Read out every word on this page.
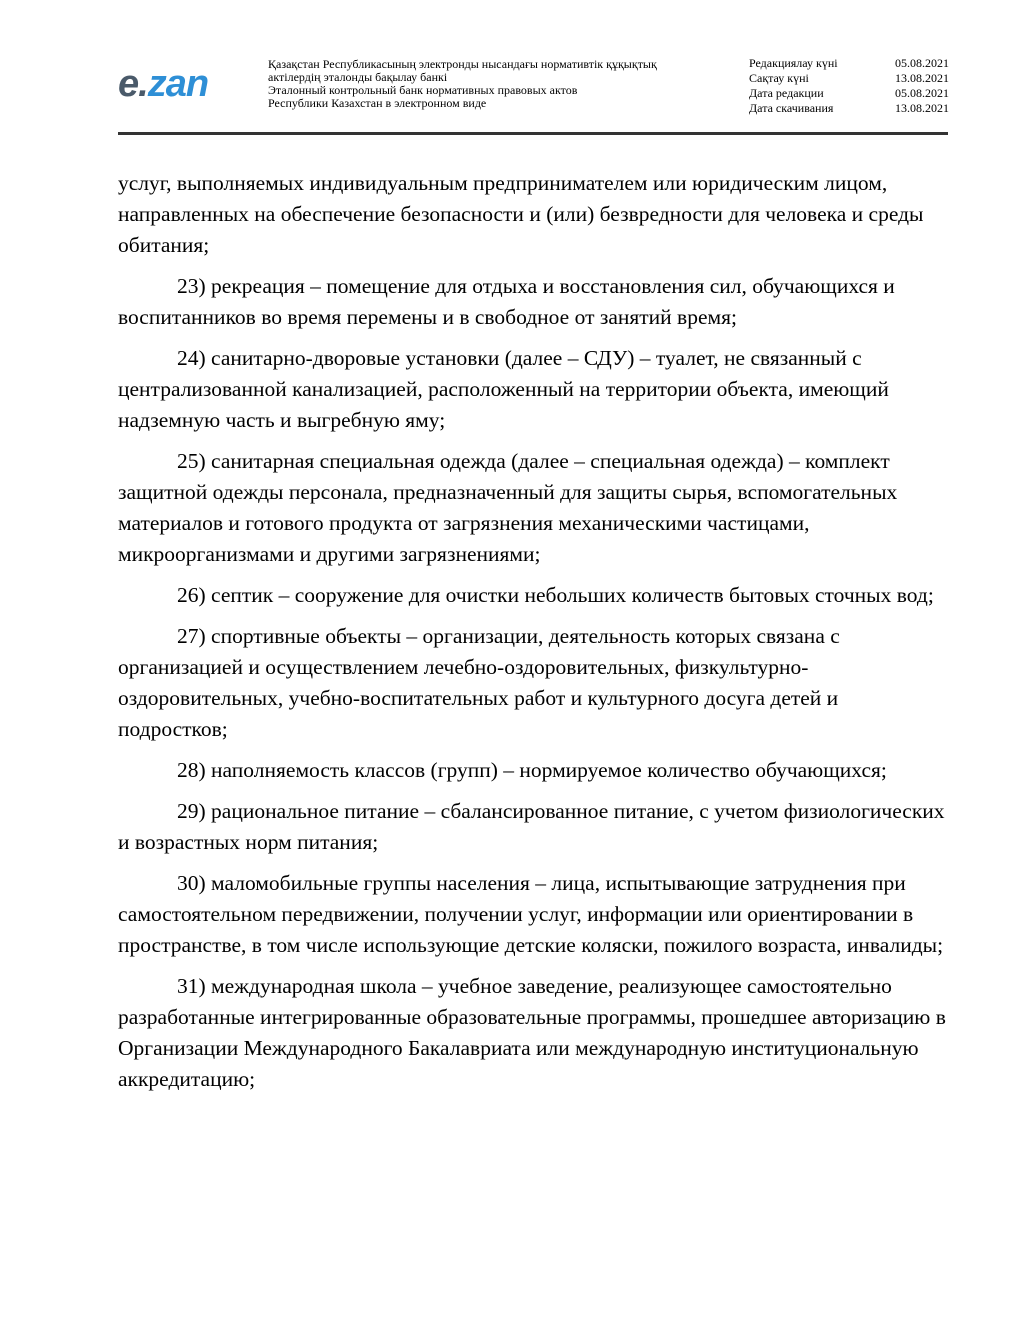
e.zan	Қазақстан Республикасының электронды нысандағы нормативтік құқықтық
актілердің эталонды бақылау банкі
Эталонный контрольный банк нормативных правовых актов
Республики Казахстан в электронном виде
Редакциялау күні	05.08.2021
Сақтау күні	13.08.2021
Дата редакции	05.08.2021
Дата скачивания	13.08.2021

услуг, выполняемых индивидуальным предпринимателем или юридическим лицом, направленных на обеспечение безопасности и (или) безвредности для человека и среды обитания;

23) рекреация – помещение для отдыха и восстановления сил, обучающихся и воспитанников во время перемены и в свободное от занятий время;

24) санитарно-дворовые установки (далее – СДУ) – туалет, не связанный с централизованной канализацией, расположенный на территории объекта, имеющий надземную часть и выгребную яму;

25) санитарная специальная одежда (далее – специальная одежда) – комплект защитной одежды персонала, предназначенный для защиты сырья, вспомогательных материалов и готового продукта от загрязнения механическими частицами, микроорганизмами и другими загрязнениями;

26) септик – сооружение для очистки небольших количеств бытовых сточных вод;

27) спортивные объекты – организации, деятельность которых связана с организацией и осуществлением лечебно-оздоровительных, физкультурно-оздоровительных, учебно-воспитательных работ и культурного досуга детей и подростков;

28) наполняемость классов (групп) – нормируемое количество обучающихся;

29) рациональное питание – сбалансированное питание, с учетом физиологических и возрастных норм питания;

30) маломобильные группы населения – лица, испытывающие затруднения при самостоятельном передвижении, получении услуг, информации или ориентировании в пространстве, в том числе использующие детские коляски, пожилого возраста, инвалиды;

31) международная школа – учебное заведение, реализующее самостоятельно разработанные интегрированные образовательные программы, прошедшее авторизацию в Организации Международного Бакалавриата или международную институциональную аккредитацию;
